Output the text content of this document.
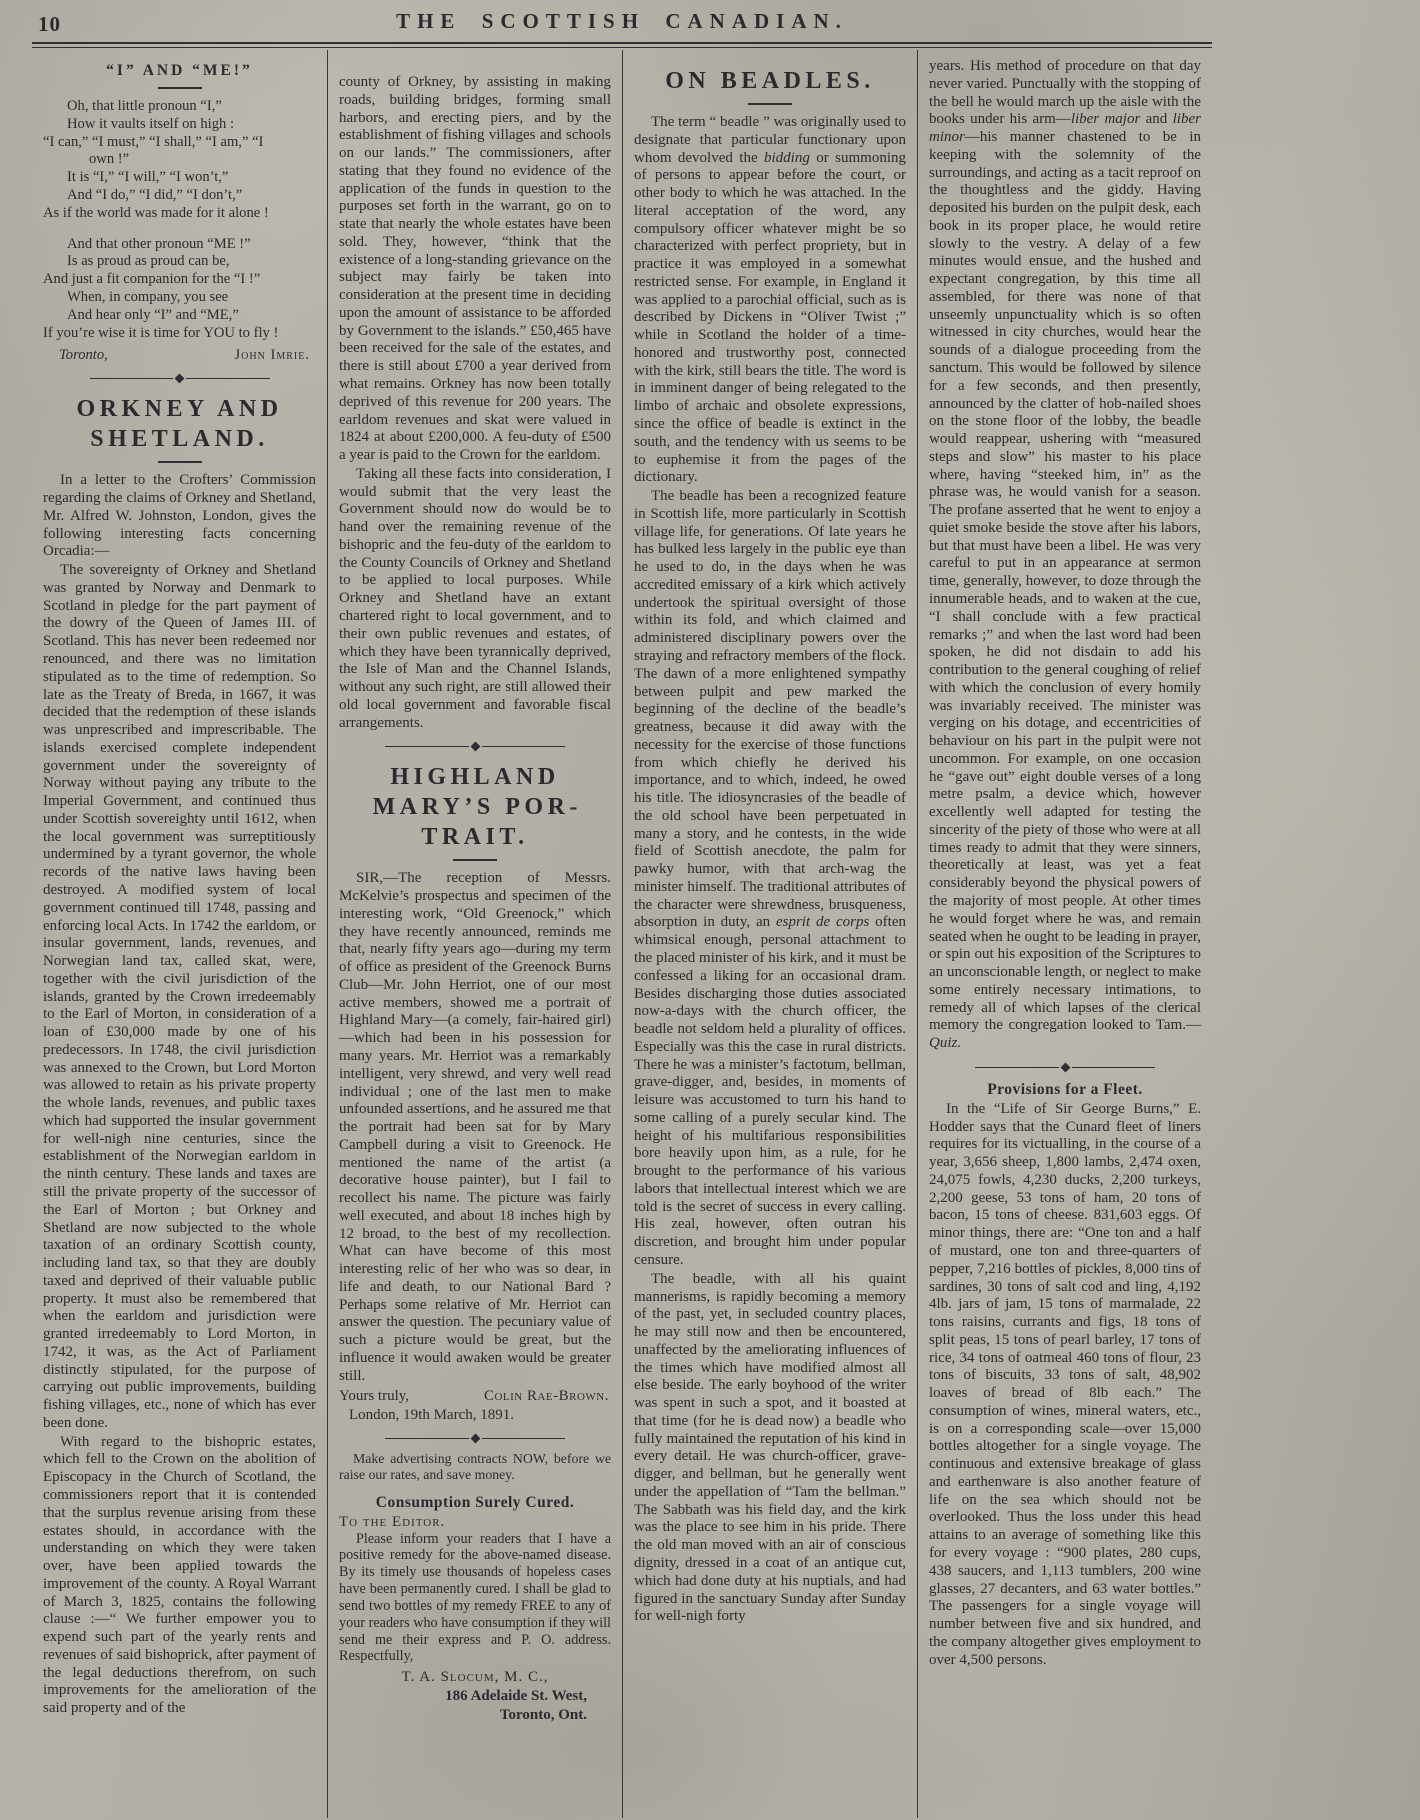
10	THE SCOTTISH CANADIAN.
“I” AND “ME!”
Oh, that little pronoun “I,”
How it vaults itself on high :
“I can,” “I must,” “I shall,” “I am,” “I
own !”
It is “I,” “I will,” “I won’t,”
And “I do,” “I did,” “I don’t,”
As if the world was made for it alone !
And that other pronoun “ME !”
Is as proud as proud can be,
And just a fit companion for the “I !”
When, in company, you see
And hear only “I” and “ME,”
If you’re wise it is time for YOU to fly !
Toronto,	John Imrie.
ORKNEY AND SHETLAND.

In a letter to the Crofters’ Commission regarding the claims of Orkney and Shetland, Mr. Alfred W. Johnston, London, gives the following interesting facts concerning Orcadia:—

The sovereignty of Orkney and Shetland was granted by Norway and Denmark to Scotland in pledge for the part payment of the dowry of the Queen of James III. of Scotland. This has never been redeemed nor renounced, and there was no limitation stipulated as to the time of redemption. So late as the Treaty of Breda, in 1667, it was decided that the redemption of these islands was unprescribed and imprescribable. The islands exercised complete independent government under the sovereignty of Norway without paying any tribute to the Imperial Government, and continued thus under Scottish sovereighty until 1612, when the local government was surreptitiously undermined by a tyrant governor, the whole records of the native laws having been destroyed. A modified system of local government continued till 1748, passing and enforcing local Acts. In 1742 the earldom, or insular government, lands, revenues, and Norwegian land tax, called skat, were, together with the civil jurisdiction of the islands, granted by the Crown irredeemably to the Earl of Morton, in consideration of a loan of £30,000 made by one of his predecessors. In 1748, the civil jurisdiction was annexed to the Crown, but Lord Morton was allowed to retain as his private property the whole lands, revenues, and public taxes which had supported the insular government for well-nigh nine centuries, since the establishment of the Norwegian earldom in the ninth century. These lands and taxes are still the private property of the successor of the Earl of Morton ; but Orkney and Shetland are now subjected to the whole taxation of an ordinary Scottish county, including land tax, so that they are doubly taxed and deprived of their valuable public property. It must also be remembered that when the earldom and jurisdiction were granted irredeemably to Lord Morton, in 1742, it was, as the Act of Parliament distinctly stipulated, for the purpose of carrying out public improvements, building fishing villages, etc., none of which has ever been done.

With regard to the bishopric estates, which fell to the Crown on the abolition of Episcopacy in the Church of Scotland, the commissioners report that it is contended that the surplus revenue arising from these estates should, in accordance with the understanding on which they were taken over, have been applied towards the improvement of the county. A Royal Warrant of March 3, 1825, contains the following clause :—“ We further empower you to expend such part of the yearly rents and revenues of said bishoprick, after payment of the legal deductions therefrom, on such improvements for the amelioration of the said property and of the

county of Orkney, by assisting in making roads, building bridges, forming small harbors, and erecting piers, and by the establishment of fishing villages and schools on our lands.” The commissioners, after stating that they found no evidence of the application of the funds in question to the purposes set forth in the warrant, go on to state that nearly the whole estates have been sold. They, however, “think that the existence of a long-standing grievance on the subject may fairly be taken into consideration at the present time in deciding upon the amount of assistance to be afforded by Government to the islands.” £50,465 have been received for the sale of the estates, and there is still about £700 a year derived from what remains. Orkney has now been totally deprived of this revenue for 200 years. The earldom revenues and skat were valued in 1824 at about £200,000. A feu-duty of £500 a year is paid to the Crown for the earldom.

Taking all these facts into consideration, I would submit that the very least the Government should now do would be to hand over the remaining revenue of the bishopric and the feu-duty of the earldom to the County Councils of Orkney and Shetland to be applied to local purposes. While Orkney and Shetland have an extant chartered right to local government, and to their own public revenues and estates, of which they have been tyrannically deprived, the Isle of Man and the Channel Islands, without any such right, are still allowed their old local government and favorable fiscal arrangements.

HIGHLAND MARY’S PORTRAIT.

SIR,—The reception of Messrs. McKelvie’s prospectus and specimen of the interesting work, “Old Greenock,” which they have recently announced, reminds me that, nearly fifty years ago—during my term of office as president of the Greenock Burns Club—Mr. John Herriot, one of our most active members, showed me a portrait of Highland Mary—(a comely, fair-haired girl)—which had been in his possession for many years. Mr. Herriot was a remarkably intelligent, very shrewd, and very well read individual ; one of the last men to make unfounded assertions, and he assured me that the portrait had been sat for by Mary Campbell during a visit to Greenock. He mentioned the name of the artist (a decorative house painter), but I fail to recollect his name. The picture was fairly well executed, and about 18 inches high by 12 broad, to the best of my recollection. What can have become of this most interesting relic of her who was so dear, in life and death, to our National Bard ? Perhaps some relative of Mr. Herriot can answer the question. The pecuniary value of such a picture would be great, but the influence it would awaken would be greater still.

Yours truly,	Colin Rae-Brown.
London, 19th March, 1891.
Make advertising contracts NOW, before we raise our rates, and save money.
Consumption Surely Cured.
To the Editor.

Please inform your readers that I have a positive remedy for the above-named disease. By its timely use thousands of hopeless cases have been permanently cured. I shall be glad to send two bottles of my remedy FREE to any of your readers who have consumption if they will send me their express and P. O. address. Respectfully,

T. A. Slocum, M. C.,
186 Adelaide St. West,
Toronto, Ont.
ON BEADLES.

The term “ beadle ” was originally used to designate that particular functionary upon whom devolved the bidding or summoning of persons to appear before the court, or other body to which he was attached. In the literal acceptation of the word, any compulsory officer whatever might be so characterized with perfect propriety, but in practice it was employed in a somewhat restricted sense. For example, in England it was applied to a parochial official, such as is described by Dickens in “Oliver Twist ;” while in Scotland the holder of a time-honored and trustworthy post, connected with the kirk, still bears the title. The word is in imminent danger of being relegated to the limbo of archaic and obsolete expressions, since the office of beadle is extinct in the south, and the tendency with us seems to be to euphemise it from the pages of the dictionary.

The beadle has been a recognized feature in Scottish life, more particularly in Scottish village life, for generations. Of late years he has bulked less largely in the public eye than he used to do, in the days when he was accredited emissary of a kirk which actively undertook the spiritual oversight of those within its fold, and which claimed and administered disciplinary powers over the straying and refractory members of the flock. The dawn of a more enlightened sympathy between pulpit and pew marked the beginning of the decline of the beadle’s greatness, because it did away with the necessity for the exercise of those functions from which chiefly he derived his importance, and to which, indeed, he owed his title. The idiosyncrasies of the beadle of the old school have been perpetuated in many a story, and he contests, in the wide field of Scottish anecdote, the palm for pawky humor, with that arch-wag the minister himself. The traditional attributes of the character were shrewdness, brusqueness, absorption in duty, an esprit de corps often whimsical enough, personal attachment to the placed minister of his kirk, and it must be confessed a liking for an occasional dram. Besides discharging those duties associated now-a-days with the church officer, the beadle not seldom held a plurality of offices. Especially was this the case in rural districts. There he was a minister’s factotum, bellman, grave-digger, and, besides, in moments of leisure was accustomed to turn his hand to some calling of a purely secular kind. The height of his multifarious responsibilities bore heavily upon him, as a rule, for he brought to the performance of his various labors that intellectual interest which we are told is the secret of success in every calling. His zeal, however, often outran his discretion, and brought him under popular censure.

The beadle, with all his quaint mannerisms, is rapidly becoming a memory of the past, yet, in secluded country places, he may still now and then be encountered, unaffected by the ameliorating influences of the times which have modified almost all else beside. The early boyhood of the writer was spent in such a spot, and it boasted at that time (for he is dead now) a beadle who fully maintained the reputation of his kind in every detail. He was church-officer, grave-digger, and bellman, but he generally went under the appellation of “Tam the bellman.” The Sabbath was his field day, and the kirk was the place to see him in his pride. There the old man moved with an air of conscious dignity, dressed in a coat of an antique cut, which had done duty at his nuptials, and had figured in the sanctuary Sunday after Sunday for well-nigh forty

years. His method of procedure on that day never varied. Punctually with the stopping of the bell he would march up the aisle with the books under his arm—liber major and liber minor—his manner chastened to be in keeping with the solemnity of the surroundings, and acting as a tacit reproof on the thoughtless and the giddy. Having deposited his burden on the pulpit desk, each book in its proper place, he would retire slowly to the vestry. A delay of a few minutes would ensue, and the hushed and expectant congregation, by this time all assembled, for there was none of that unseemly unpunctuality which is so often witnessed in city churches, would hear the sounds of a dialogue proceeding from the sanctum. This would be followed by silence for a few seconds, and then presently, announced by the clatter of hob-nailed shoes on the stone floor of the lobby, the beadle would reappear, ushering with “measured steps and slow” his master to his place where, having “steeked him, in” as the phrase was, he would vanish for a season. The profane asserted that he went to enjoy a quiet smoke beside the stove after his labors, but that must have been a libel. He was very careful to put in an appearance at sermon time, generally, however, to doze through the innumerable heads, and to waken at the cue, “I shall conclude with a few practical remarks ;” and when the last word had been spoken, he did not disdain to add his contribution to the general coughing of relief with which the conclusion of every homily was invariably received. The minister was verging on his dotage, and eccentricities of behaviour on his part in the pulpit were not uncommon. For example, on one occasion he “gave out” eight double verses of a long metre psalm, a device which, however excellently well adapted for testing the sincerity of the piety of those who were at all times ready to admit that they were sinners, theoretically at least, was yet a feat considerably beyond the physical powers of the majority of most people. At other times he would forget where he was, and remain seated when he ought to be leading in prayer, or spin out his exposition of the Scriptures to an unconscionable length, or neglect to make some entirely necessary intimations, to remedy all of which lapses of the clerical memory the congregation looked to Tam.—Quiz.

Provisions for a Fleet.

In the “Life of Sir George Burns,” E. Hodder says that the Cunard fleet of liners requires for its victualling, in the course of a year, 3,656 sheep, 1,800 lambs, 2,474 oxen, 24,075 fowls, 4,230 ducks, 2,200 turkeys, 2,200 geese, 53 tons of ham, 20 tons of bacon, 15 tons of cheese. 831,603 eggs. Of minor things, there are: “One ton and a half of mustard, one ton and three-quarters of pepper, 7,216 bottles of pickles, 8,000 tins of sardines, 30 tons of salt cod and ling, 4,192 4lb. jars of jam, 15 tons of marmalade, 22 tons raisins, currants and figs, 18 tons of split peas, 15 tons of pearl barley, 17 tons of rice, 34 tons of oatmeal 460 tons of flour, 23 tons of biscuits, 33 tons of salt, 48,902 loaves of bread of 8lb each.” The consumption of wines, mineral waters, etc., is on a corresponding scale—over 15,000 bottles altogether for a single voyage. The continuous and extensive breakage of glass and earthenware is also another feature of life on the sea which should not be overlooked. Thus the loss under this head attains to an average of something like this for every voyage : “900 plates, 280 cups, 438 saucers, and 1,113 tumblers, 200 wine glasses, 27 decanters, and 63 water bottles.” The passengers for a single voyage will number between five and six hundred, and the company altogether gives employment to over 4,500 persons.
